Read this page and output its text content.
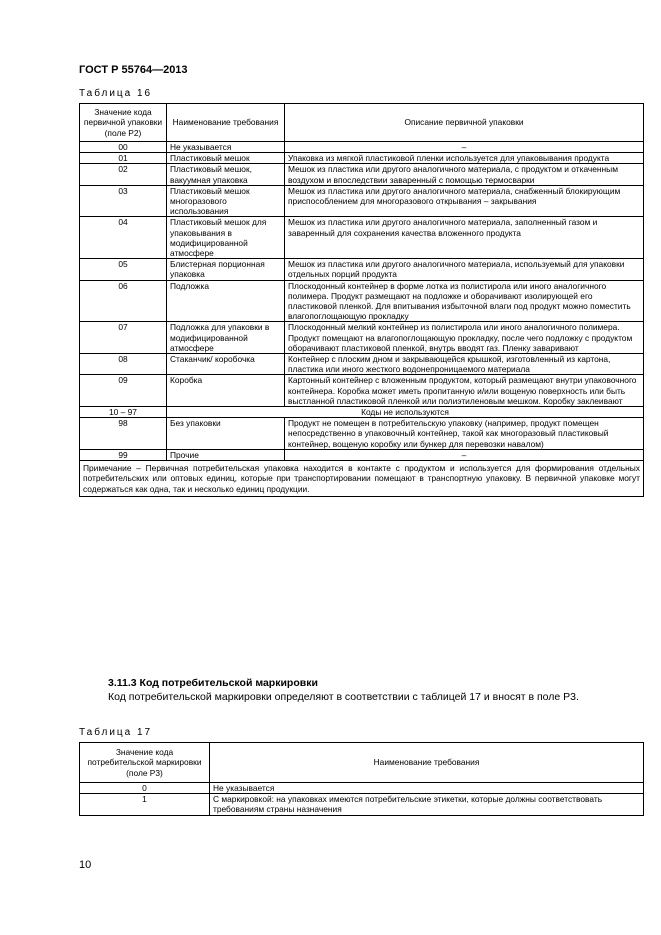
ГОСТ Р 55764—2013
Таблица 16
Значение кода первичной упаковки (поле Р2)	Наименование требования	Описание первичной упаковки
00	Не указывается	–
01	Пластиковый мешок	Упаковка из мягкой пластиковой пленки используется для упаковывания продукта
02	Пластиковый мешок, вакуумная упаковка	Мешок из пластика или другого аналогичного материала, с продуктом и откаченным воздухом и впоследствии заваренный с помощью термосварки
03	Пластиковый мешок многоразового использования	Мешок из пластика или другого аналогичного материала, снабженный блокирующим приспособлением для многоразового открывания – закрывания
04	Пластиковый мешок для упаковывания в модифицированной атмосфере	Мешок из пластика или другого аналогичного материала, заполненный газом и заваренный для сохранения качества вложенного продукта
05	Блистерная порционная упаковка	Мешок из пластика или другого аналогичного материала, используемый для упаковки отдельных порций продукта
06	Подложка	Плоскодонный контейнер в форме лотка из полистирола или иного аналогичного полимера. Продукт размещают на подложке и оборачивают изолирующей его пластиковой пленкой. Для впитывания избыточной влаги под продукт можно поместить влагопоглощающую прокладку
07	Подложка для упаковки в модифицированной атмосфере	Плоскодонный мелкий контейнер из полистирола или иного аналогичного полимера. Продукт помещают на влагопоглощающую прокладку, после чего подложку с продуктом оборачивают пластиковой пленкой, внутрь вводят газ. Пленку заваривают
08	Стаканчик/ коробочка	Контейнер с плоским дном и закрывающейся крышкой, изготовленный из картона, пластика или иного жесткого водонепроницаемого материала
09	Коробка	Картонный контейнер с вложенным продуктом, который размещают внутри упаковочного контейнера. Коробка может иметь пропитанную и/или вощеную поверхность или быть выстланной пластиковой пленкой или полиэтиленовым мешком. Коробку заклеивают
10 – 97	Коды не используются	
98	Без упаковки	Продукт не помещен в потребительскую упаковку (например, продукт помещен непосредственно в упаковочный контейнер, такой как многоразовый пластиковый контейнер, вощеную коробку или бункер для перевозки навалом)
99	Прочие	–
Примечание – Первичная потребительская упаковка находится в контакте с продуктом и используется для формирования отдельных потребительских или оптовых единиц, которые при транспортировании помещают в транспортную упаковку. В первичной упаковке могут содержаться как одна, так и несколько единиц продукции.		
3.11.3 Код потребительской маркировки
Код потребительской маркировки определяют в соответствии с таблицей 17 и вносят в поле Р3.
Таблица 17
Значение кода потребительской маркировки (поле Р3)	Наименование требования
0	Не указывается
1	С маркировкой: на упаковках имеются потребительские этикетки, которые должны соответствовать требованиям страны назначения
10
